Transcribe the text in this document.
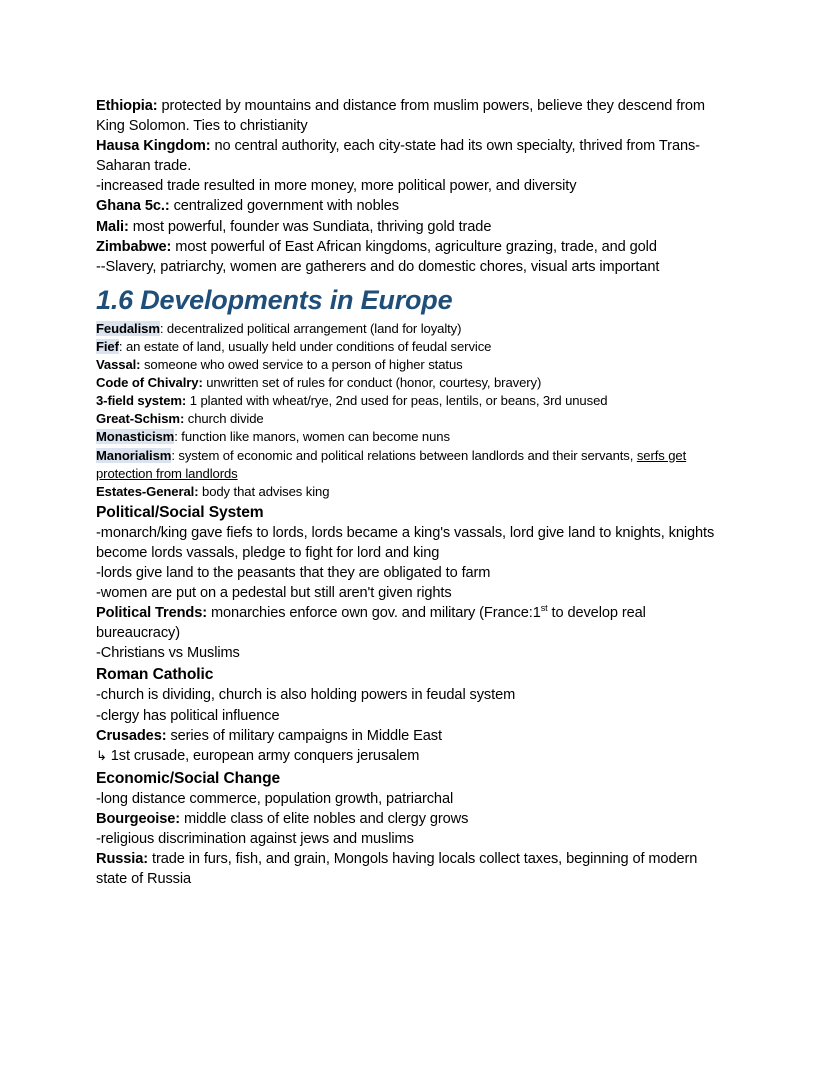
Ethiopia: protected by mountains and distance from muslim powers, believe they descend from King Solomon. Ties to christianity

Hausa Kingdom: no central authority, each city-state had its own specialty, thrived from Trans-Saharan trade.

-increased trade resulted in more money, more political power, and diversity

Ghana 5c.: centralized government with nobles

Mali: most powerful, founder was Sundiata, thriving gold trade

Zimbabwe: most powerful of East African kingdoms, agriculture grazing, trade, and gold

--Slavery, patriarchy, women are gatherers and do domestic chores, visual arts important

1.6 Developments in Europe

Feudalism: decentralized political arrangement (land for loyalty)

Fief: an estate of land, usually held under conditions of feudal service

Vassal: someone who owed service to a person of higher status

Code of Chivalry: unwritten set of rules for conduct (honor, courtesy, bravery)

3-field system: 1 planted with wheat/rye, 2nd used for peas, lentils, or beans, 3rd unused

Great-Schism: church divide

Monasticism: function like manors, women can become nuns

Manorialism: system of economic and political relations between landlords and their servants, serfs get protection from landlords

Estates-General: body that advises king

Political/Social System

-monarch/king gave fiefs to lords, lords became a king's vassals, lord give land to knights, knights become lords vassals, pledge to fight for lord and king

-lords give land to the peasants that they are obligated to farm

-women are put on a pedestal but still aren't given rights

Political Trends: monarchies enforce own gov. and military (France:1st to develop real bureaucracy)

-Christians vs Muslims

Roman Catholic

-church is dividing, church is also holding powers in feudal system

-clergy has political influence

Crusades: series of military campaigns in Middle East

↳ 1st crusade, european army conquers jerusalem

Economic/Social Change

-long distance commerce, population growth, patriarchal

Bourgeoise: middle class of elite nobles and clergy grows

-religious discrimination against jews and muslims

Russia: trade in furs, fish, and grain, Mongols having locals collect taxes, beginning of modern state of Russia
